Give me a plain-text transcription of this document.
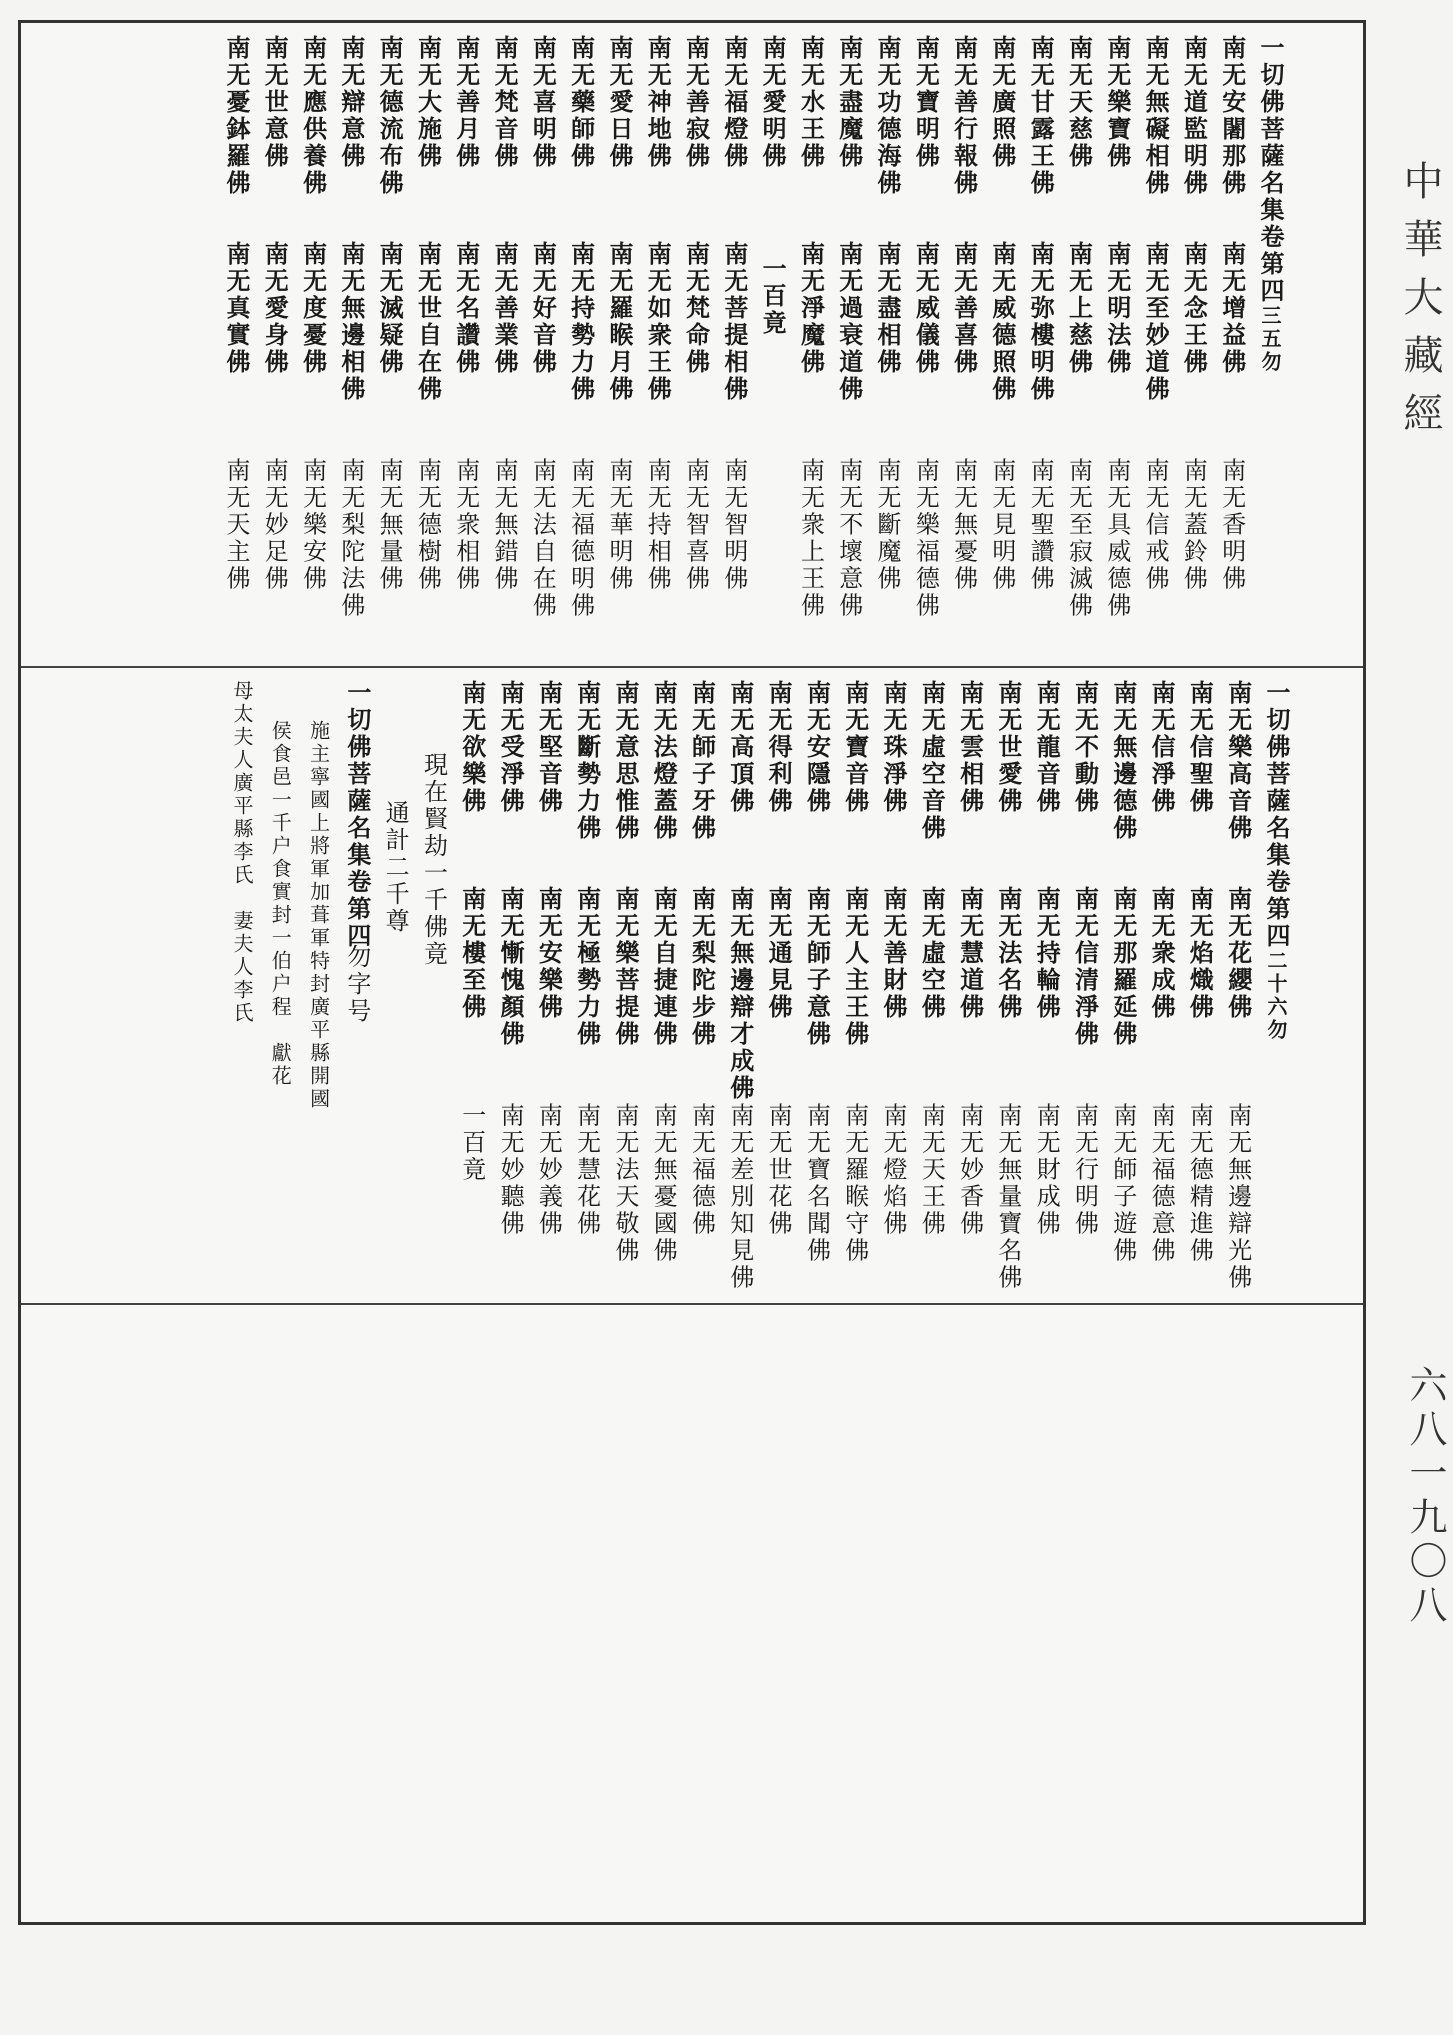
一切佛菩薩名集卷第四三五勿
南无安闍那佛南无增益佛南无香明佛
南无道監明佛南无念王佛南无蓋鈴佛
南无無礙相佛南无至妙道佛南无信戒佛
南无樂寶佛南无明法佛南无具威德佛
南无天慈佛南无上慈佛南无至寂滅佛
南无甘露王佛南无弥樓明佛南无聖讚佛
南无廣照佛南无威德照佛南无見明佛
南无善行報佛南无善喜佛南无無憂佛
南无寶明佛南无威儀佛南无樂福德佛
南无功德海佛南无盡相佛南无斷魔佛
南无盡魔佛南无過衰道佛南无不壞意佛
南无水王佛南无淨魔佛南无衆上王佛
南无愛明佛一百竟
南无福燈佛南无菩提相佛南无智明佛
南无善寂佛南无梵命佛南无智喜佛
南无神地佛南无如衆王佛南无持相佛
南无愛日佛南无羅睺月佛南无華明佛
南无藥師佛南无持勢力佛南无福德明佛
南无喜明佛南无好音佛南无法自在佛
南无梵音佛南无善業佛南无無錯佛
南无善月佛南无名讚佛南无衆相佛
南无大施佛南无世自在佛南无德樹佛
南无德流布佛南无滅疑佛南无無量佛
南无辯意佛南无無邊相佛南无梨陀法佛
南无應供養佛南无度憂佛南无樂安佛
南无世意佛南无愛身佛南无妙足佛
南无憂鉢羅佛南无真實佛南无天主佛
一切佛菩薩名集卷第四二十六勿
南无樂高音佛南无花纓佛南无無邊辯光佛
南无信聖佛南无焰熾佛南无德精進佛
南无信淨佛南无衆成佛南无福德意佛
南无無邊德佛南无那羅延佛南无師子遊佛
南无不動佛南无信清淨佛南无行明佛
南无龍音佛南无持輪佛南无財成佛
南无世愛佛南无法名佛南无無量寶名佛
南无雲相佛南无慧道佛南无妙香佛
南无虛空音佛南无虛空佛南无天王佛
南无珠淨佛南无善財佛南无燈焰佛
南无寶音佛南无人主王佛南无羅睺守佛
南无安隱佛南无師子意佛南无寶名聞佛
南无得利佛南无通見佛南无世花佛
南无高頂佛南无無邊辯才成佛南无差別知見佛
南无師子牙佛南无梨陀步佛南无福德佛
南无法燈蓋佛南无自捷連佛南无無憂國佛
南无意思惟佛南无樂菩提佛南无法天敬佛
南无斷勢力佛南无極勢力佛南无慧花佛
南无堅音佛南无安樂佛南无妙義佛
南无受淨佛南无慚愧顏佛南无妙聽佛
南无欲樂佛南无樓至佛一百竟
現在賢劫一千佛竟
通計二千尊
一切佛菩薩名集卷第四勿字号
施主寧國上將軍加葺軍特封廣平縣開國
侯食邑一千户食實封一伯户程　獻花
母太夫人廣平縣李氏　妻夫人李氏
中華大藏經
六八一九〇八
